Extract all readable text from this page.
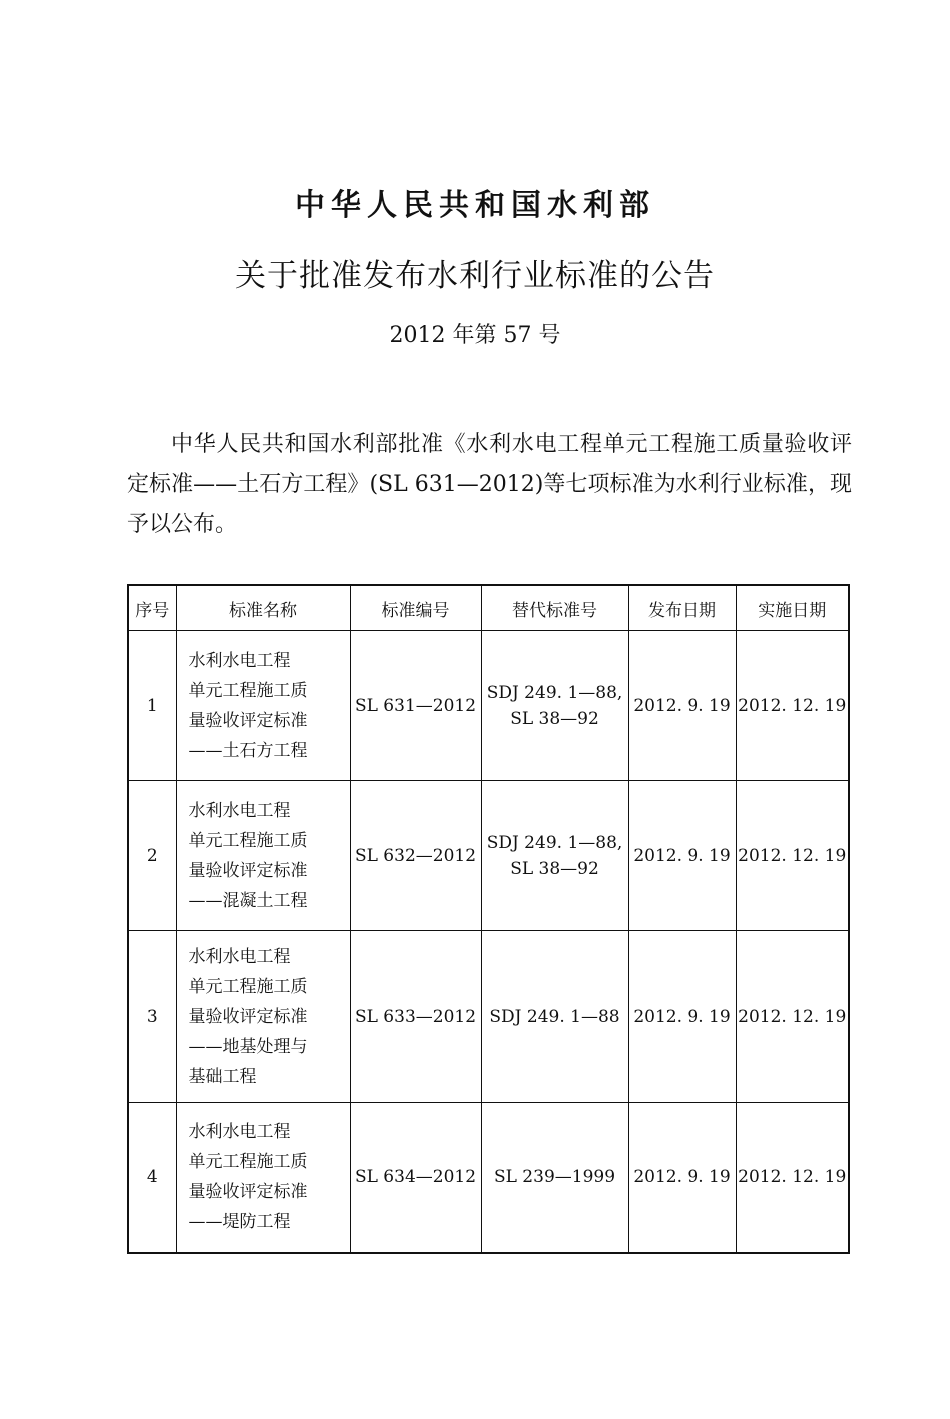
中华人民共和国水利部
关于批准发布水利行业标准的公告
2012 年第 57 号

中华人民共和国水利部批准《水利水电工程单元工程施工质量验收评定标准——土石方工程》(SL 631—2012)等七项标准为水利行业标准，现予以公布。

序号	标准名称	标准编号	替代标准号	发布日期	实施日期
1	水利水电工程
单元工程施工质
量验收评定标准
——土石方工程	SL 631—2012	SDJ 249. 1—88,
SL 38—92	2012. 9. 19	2012. 12. 19
2	水利水电工程
单元工程施工质
量验收评定标准
——混凝土工程	SL 632—2012	SDJ 249. 1—88,
SL 38—92	2012. 9. 19	2012. 12. 19
3	水利水电工程
单元工程施工质
量验收评定标准
——地基处理与
基础工程	SL 633—2012	SDJ 249. 1—88	2012. 9. 19	2012. 12. 19
4	水利水电工程
单元工程施工质
量验收评定标准
——堤防工程	SL 634—2012	SL 239—1999	2012. 9. 19	2012. 12. 19
